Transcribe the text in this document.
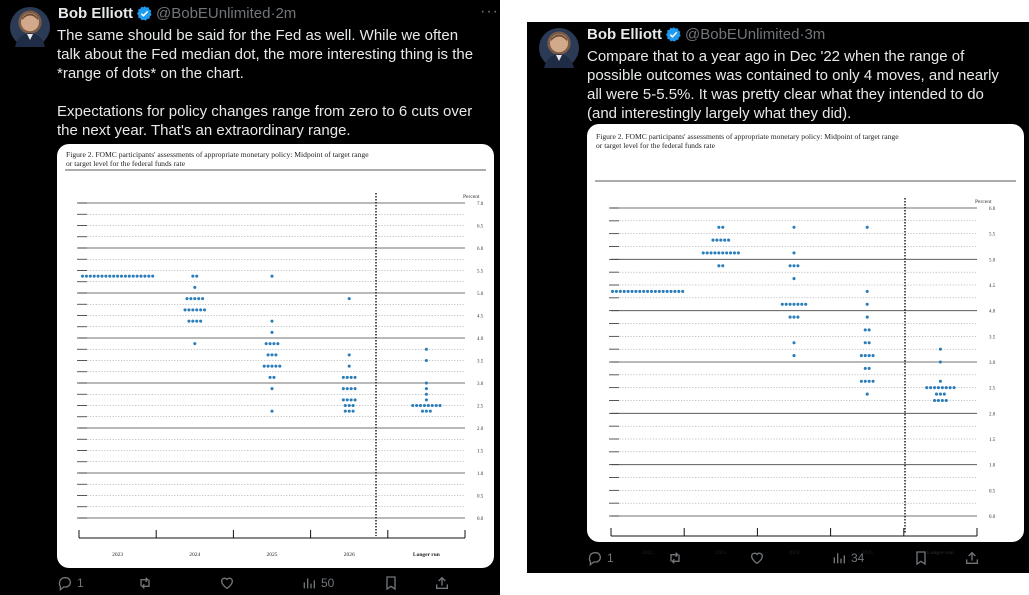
Bob Elliott @BobEUnlimited · 2m	···

The same should be said for the Fed as well. While we often talk about the Fed median dot, the more interesting thing is the *range of dots* on the chart.

Expectations for policy changes range from zero to 6 cuts over the next year. That's an extraordinary range.

Figure 2. FOMC participants' assessments of appropriate monetary policy: Midpoint of target range
or target level for the federal funds rate
0.0
0.5
1.0
1.5
2.0
2.5
3.0
3.5
4.0
4.5
5.0
5.5
6.0
6.5
7.0
Percent
2023	2024	2025	2026	Longer run
1	50
Bob Elliott @BobEUnlimited · 3m

Compare that to a year ago in Dec '22 when the range of possible outcomes was contained to only 4 moves, and nearly all were 5-5.5%. It was pretty clear what they intended to do (and interestingly largely what they did).

Figure 2. FOMC participants' assessments of appropriate monetary policy: Midpoint of target range
or target level for the federal funds rate
0.0
0.5
1.0
1.5
2.0
2.5
3.0
3.5
4.0
4.5
5.0
5.5
6.0
Percent
2022	2023	2024	2025	Longer run
1	34
